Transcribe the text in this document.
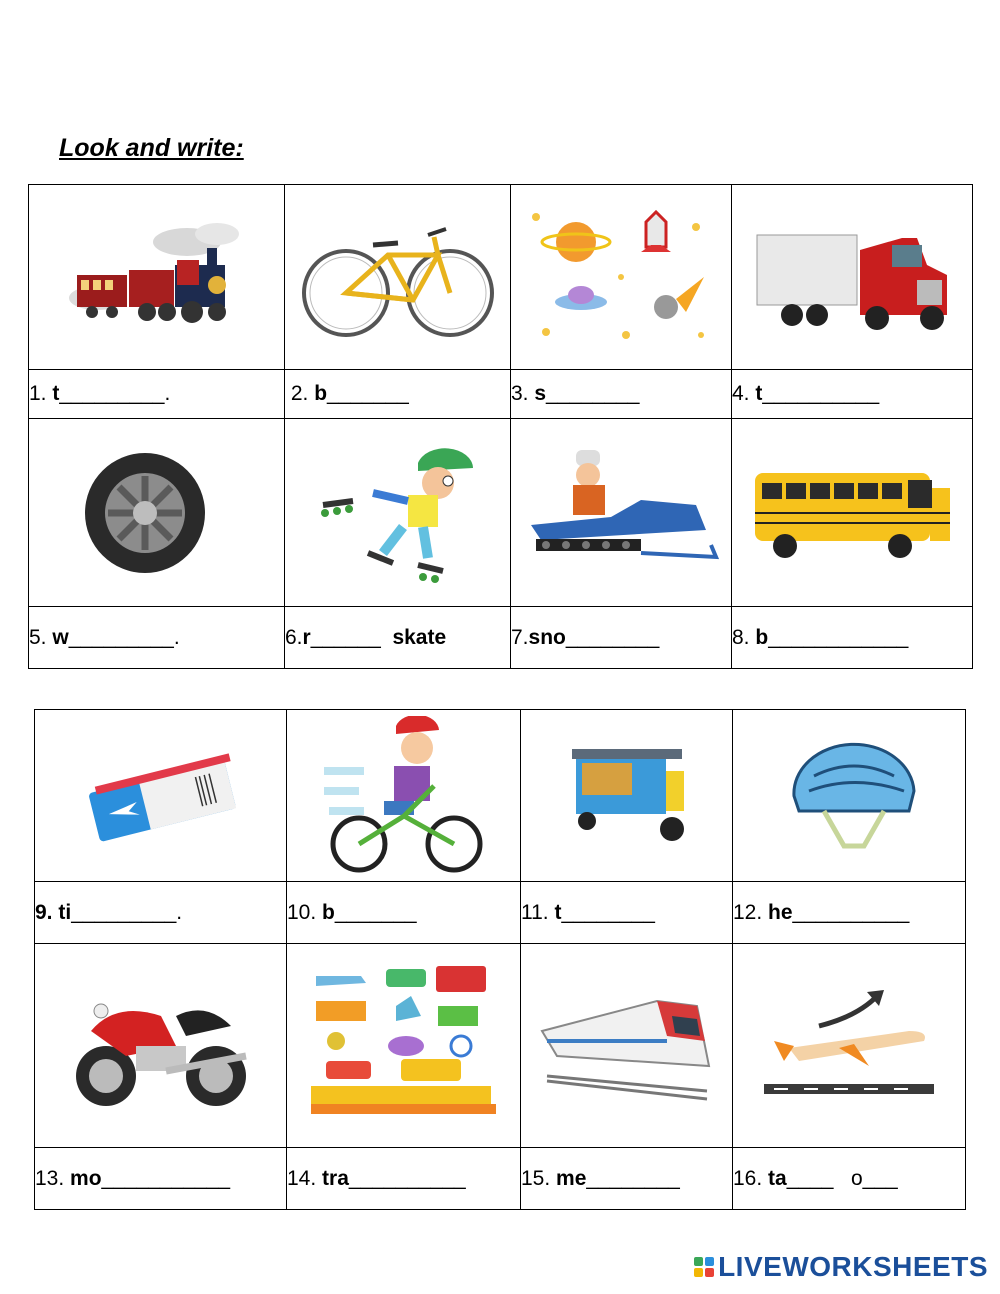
Look and write:

1. t_________.	2. b_______	3. s________	4. t__________

5. w_________.	6.r______  skate	7.sno________	8. b____________

9. ti_________.	10. b_______	11. t________	12. he__________

13. mo___________	14. tra__________	15. me________	16. ta____   o___
LIVEWORKSHEETS
